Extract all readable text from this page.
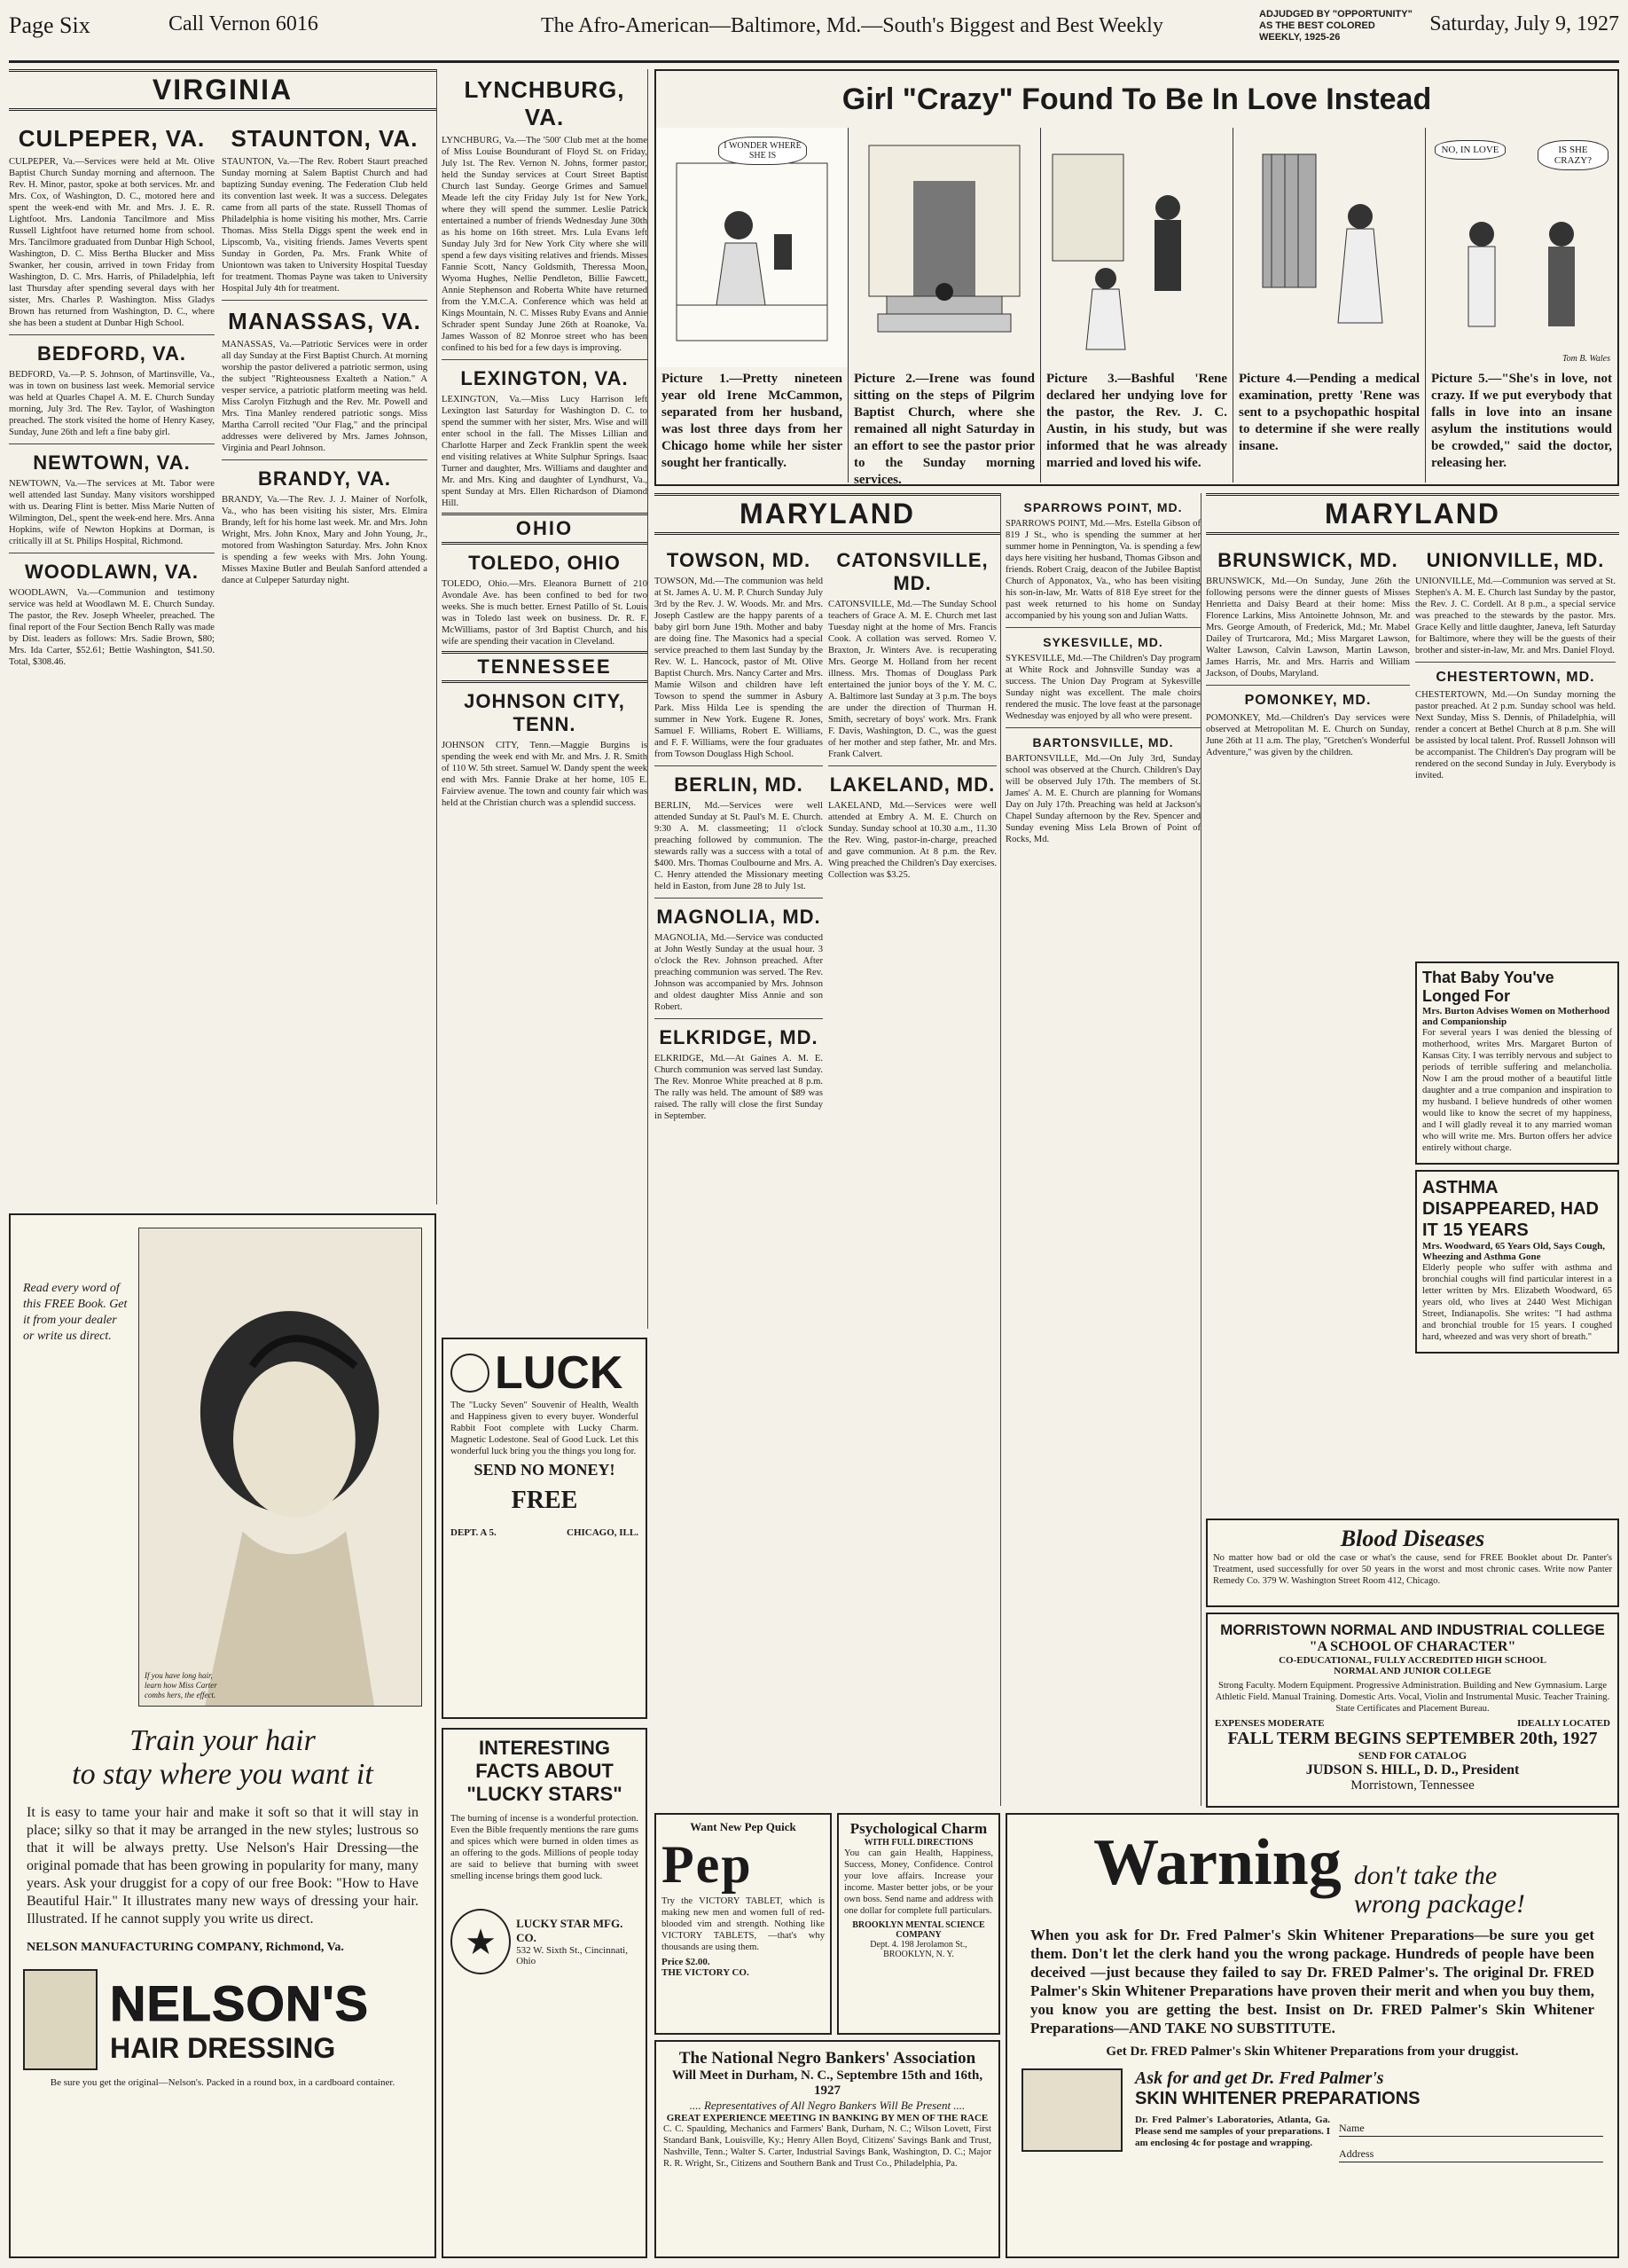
Page Six	Call Vernon 6016	The Afro-American—Baltimore, Md.—South's Biggest and Best Weekly	ADJUDGED BY "OPPORTUNITY" AS THE BEST COLORED WEEKLY, 1925-26
Saturday, July 9, 1927
VIRGINIA
CULPEPER, VA.

CULPEPER, Va.—Services were held at Mt. Olive Baptist Church Sunday morning and afternoon. The Rev. H. Minor, pastor, spoke at both services. Mr. and Mrs. Cox, of Washington, D. C., motored here and spent the week-end with Mr. and Mrs. J. E. R. Lightfoot. Mrs. Landonia Tancilmore and Miss Russell Lightfoot have returned home from school. Mrs. Tancilmore graduated from Dunbar High School, Washington, D. C. Miss Bertha Blucker and Miss Swanker, her cousin, arrived in town Friday from Washington, D. C. Mrs. Harris, of Philadelphia, left last Thursday after spending several days with her sister, Mrs. Charles P. Washington. Miss Gladys Brown has returned from Washington, D. C., where she has been a student at Dunbar High School.

BEDFORD, VA.

BEDFORD, Va.—P. S. Johnson, of Martinsville, Va., was in town on business last week. Memorial service was held at Quarles Chapel A. M. E. Church Sunday morning, July 3rd. The Rev. Taylor, of Washington preached. The stork visited the home of Henry Kasey, Sunday, June 26th and left a fine baby girl.

NEWTOWN, VA.

NEWTOWN, Va.—The services at Mt. Tabor were well attended last Sunday. Many visitors worshipped with us. Dearing Flint is better. Miss Marie Nutten of Wilmington, Del., spent the week-end here. Mrs. Anna Hopkins, wife of Newton Hopkins at Dorman, is critically ill at St. Philips Hospital, Richmond.

WOODLAWN, VA.

WOODLAWN, Va.—Communion and testimony service was held at Woodlawn M. E. Church Sunday. The pastor, the Rev. Joseph Wheeler, preached. The final report of the Four Section Bench Rally was made by Dist. leaders as follows: Mrs. Sadie Brown, $80; Mrs. Ida Carter, $52.61; Bettie Washington, $41.50. Total, $308.46.

STAUNTON, VA.

STAUNTON, Va.—The Rev. Robert Staurt preached Sunday morning at Salem Baptist Church and had baptizing Sunday evening. The Federation Club held its convention last week. It was a success. Delegates came from all parts of the state. Russell Thomas of Philadelphia is home visiting his mother, Mrs. Carrie Thomas. Miss Stella Diggs spent the week end in Lipscomb, Va., visiting friends. James Veverts spent Sunday in Gorden, Pa. Mrs. Frank White of Uniontown was taken to University Hospital Tuesday for treatment. Thomas Payne was taken to University Hospital July 4th for treatment.

MANASSAS, VA.

MANASSAS, Va.—Patriotic Services were in order all day Sunday at the First Baptist Church. At morning worship the pastor delivered a patriotic sermon, using the subject "Righteousness Exalteth a Nation." A vesper service, a patriotic platform meeting was held. Miss Carolyn Fitzhugh and the Rev. Mr. Powell and Mrs. Tina Manley rendered patriotic songs. Miss Martha Carroll recited "Our Flag," and the principal addresses were delivered by Mrs. James Johnson, Virginia and Pearl Johnson.

BRANDY, VA.

BRANDY, Va.—The Rev. J. J. Mainer of Norfolk, Va., who has been visiting his sister, Mrs. Elmira Brandy, left for his home last week. Mr. and Mrs. John Wright, Mrs. John Knox, Mary and John Young, Jr., motored from Washington Saturday. Mrs. John Knox is spending a few weeks with Mrs. John Young. Misses Maxine Butler and Beulah Sanford attended a dance at Culpeper Saturday night.

Read every word of this FREE Book. Get it from your dealer or write us direct.
If you have long hair, learn how Miss Carter combs hers, the effect.
Train your hair
to stay where you want it

It is easy to tame your hair and make it soft so that it will stay in place; silky so that it may be arranged in the new styles; lustrous so that it will be always pretty. Use Nelson's Hair Dressing—the original pomade that has been growing in popularity for many, many years. Ask your druggist for a copy of our free Book: "How to Have Beautiful Hair." It illustrates many new ways of dressing your hair. Illustrated. If he cannot supply you write us direct.

NELSON MANUFACTURING COMPANY, Richmond, Va.
NELSON'S
HAIR DRESSING
Be sure you get the original—Nelson's. Packed in a round box, in a cardboard container.
LYNCHBURG, VA.

LYNCHBURG, Va.—The '500' Club met at the home of Miss Louise Boundurant of Floyd St. on Friday, July 1st. The Rev. Vernon N. Johns, former pastor, held the Sunday services at Court Street Baptist Church last Sunday. George Grimes and Samuel Meade left the city Friday July 1st for New York, where they will spend the summer. Leslie Patrick entertained a number of friends Wednesday June 30th as his home on 16th street. Mrs. Lula Evans left Sunday July 3rd for New York City where she will spend a few days visiting relatives and friends. Misses Fannie Scott, Nancy Goldsmith, Theressa Moon, Wyoma Hughes, Nellie Pendleton, Billie Fawcett, Annie Stephenson and Roberta White have returned from the Y.M.C.A. Conference which was held at Kings Mountain, N. C. Misses Ruby Evans and Annie Schrader spent Sunday June 26th at Roanoke, Va. James Wasson of 82 Monroe street who has been confined to his bed for a few days is improving.

LEXINGTON, VA.

LEXINGTON, Va.—Miss Lucy Harrison left Lexington last Saturday for Washington D. C. to spend the summer with her sister, Mrs. Wise and will enter school in the fall. The Misses Lillian and Charlotte Harper and Zeck Franklin spent the week end visiting relatives at White Sulphur Springs. Isaac Turner and daughter, Mrs. Williams and daughter and Mr. and Mrs. King and daughter of Lyndhurst, Va., spent Sunday at Mrs. Ellen Richardson of Diamond Hill.

OHIO
TOLEDO, OHIO

TOLEDO, Ohio.—Mrs. Eleanora Burnett of 210 Avondale Ave. has been confined to bed for two weeks. She is much better. Ernest Patillo of St. Louis was in Toledo last week on business. Dr. R. F. McWilliams, pastor of 3rd Baptist Church, and his wife are spending their vacation in Cleveland.

TENNESSEE
JOHNSON CITY, TENN.

JOHNSON CITY, Tenn.—Maggie Burgins is spending the week end with Mr. and Mrs. J. R. Smith of 110 W. 5th street. Samuel W. Dandy spent the week end with Mrs. Fannie Drake at her home, 105 E. Fairview avenue. The town and county fair which was held at the Christian church was a splendid success.

LUCK

The "Lucky Seven" Souvenir of Health, Wealth and Happiness given to every buyer. Wonderful Rabbit Foot complete with Lucky Charm. Magnetic Lodestone. Seal of Good Luck. Let this wonderful luck bring you the things you long for.

SEND NO MONEY!
FREE
DEPT. A 5.	CHICAGO, ILL.
INTERESTING FACTS ABOUT "LUCKY STARS"

The burning of incense is a wonderful protection. Even the Bible frequently mentions the rare gums and spices which were burned in olden times as an offering to the gods. Millions of people today are said to believe that burning with sweet smelling incense brings them good luck.

★	LUCKY STAR MFG. CO.
532 W. Sixth St., Cincinnati, Ohio
Girl "Crazy" Found To Be In Love Instead
I WONDER WHERE SHE IS
Picture 1.—Pretty nineteen year old Irene McCammon, separated from her husband, was lost three days from her Chicago home while her sister sought her frantically.
Picture 2.—Irene was found sitting on the steps of Pilgrim Baptist Church, where she remained all night Saturday in an effort to see the pastor prior to the Sunday morning services.
Picture 3.—Bashful 'Rene declared her undying love for the pastor, the Rev. J. C. Austin, in his study, but was informed that he was already married and loved his wife.
Picture 4.—Pending a medical examination, pretty 'Rene was sent to a psychopathic hospital to determine if she were really insane.
NO, IN LOVE	IS SHE CRAZY?
Tom B. Wales
Picture 5.—"She's in love, not crazy. If we put everybody that falls in love into an insane asylum the institutions would be crowded," said the doctor, releasing her.
MARYLAND
TOWSON, MD.

TOWSON, Md.—The communion was held at St. James A. U. M. P. Church Sunday July 3rd by the Rev. J. W. Woods. Mr. and Mrs. Joseph Castlew are the happy parents of a baby girl born June 19th. Mother and baby are doing fine. The Masonics had a special service preached to them last Sunday by the Rev. W. L. Hancock, pastor of Mt. Olive Baptist Church. Mrs. Nancy Carter and Mrs. Mamie Wilson and children have left Towson to spend the summer in Asbury Park. Miss Hilda Lee is spending the summer in New York. Eugene R. Jones, Samuel F. Williams, Robert E. Williams, and F. F. Williams, were the four graduates from Towson Douglass High School.

BERLIN, MD.

BERLIN, Md.—Services were well attended Sunday at St. Paul's M. E. Church. 9:30 A. M. classmeeting; 11 o'clock preaching followed by communion. The stewards rally was a success with a total of $400. Mrs. Thomas Coulbourne and Mrs. A. C. Henry attended the Missionary meeting held in Easton, from June 28 to July 1st.

MAGNOLIA, MD.

MAGNOLIA, Md.—Service was conducted at John Westly Sunday at the usual hour. 3 o'clock the Rev. Johnson preached. After preaching communion was served. The Rev. Johnson was accompanied by Mrs. Johnson and oldest daughter Miss Annie and son Robert.

ELKRIDGE, MD.

ELKRIDGE, Md.—At Gaines A. M. E. Church communion was served last Sunday. The Rev. Monroe White preached at 8 p.m. The rally was held. The amount of $89 was raised. The rally will close the first Sunday in September.

CATONSVILLE, MD.

CATONSVILLE, Md.—The Sunday School teachers of Grace A. M. E. Church met last Tuesday night at the home of Mrs. Francis Cook. A collation was served. Romeo V. Braxton, Jr. Winters Ave. is recuperating Mrs. George M. Holland from her recent illness. Mrs. Thomas of Douglass Park entertained the junior boys of the Y. M. C. A. Baltimore last Sunday at 3 p.m. The boys are under the direction of Thurman H. Smith, secretary of boys' work. Mrs. Frank F. Davis, Washington, D. C., was the guest of her mother and step father, Mr. and Mrs. Frank Calvert.

LAKELAND, MD.

LAKELAND, Md.—Services were well attended at Embry A. M. E. Church on Sunday. Sunday school at 10.30 a.m., 11.30 the Rev. Wing, pastor-in-charge, preached and gave communion. At 8 p.m. the Rev. Wing preached the Children's Day exercises. Collection was $3.25.

SPARROWS POINT, MD.

SPARROWS POINT, Md.—Mrs. Estella Gibson of 819 J St., who is spending the summer at her summer home in Pennington, Va. is spending a few days here visiting her husband, Thomas Gibson and friends. Robert Craig, deacon of the Jubilee Baptist Church of Apponatox, Va., who has been visiting his son-in-law, Mr. Watts of 818 Eye street for the past week returned to his home on Sunday accompanied by his young son and Julian Watts.

SYKESVILLE, MD.

SYKESVILLE, Md.—The Children's Day program at White Rock and Johnsville Sunday was a success. The Union Day Program at Sykesville Sunday night was excellent. The male choirs rendered the music. The love feast at the parsonage Wednesday was enjoyed by all who were present.

BARTONSVILLE, MD.

BARTONSVILLE, Md.—On July 3rd, Sunday school was observed at the Church. Children's Day will be observed July 17th. The members of St. James' A. M. E. Church are planning for Womans Day on July 17th. Preaching was held at Jackson's Chapel Sunday afternoon by the Rev. Spencer and Sunday evening Miss Lela Brown of Point of Rocks, Md.

MARYLAND
BRUNSWICK, MD.

BRUNSWICK, Md.—On Sunday, June 26th the following persons were the dinner guests of Misses Henrietta and Daisy Beard at their home: Miss Florence Larkins, Miss Antoinette Johnson, Mr. and Mrs. George Amouth, of Frederick, Md.; Mr. Mabel Dailey of Trurtcarora, Md.; Miss Margaret Lawson, Walter Lawson, Calvin Lawson, Martin Lawson, James Harris, Mr. and Mrs. Harris and William Jackson, of Doubs, Maryland.

POMONKEY, MD.

POMONKEY, Md.—Children's Day services were observed at Metropolitan M. E. Church on Sunday, June 26th at 11 a.m. The play, "Gretchen's Wonderful Adventure," was given by the children.

UNIONVILLE, MD.

UNIONVILLE, Md.—Communion was served at St. Stephen's A. M. E. Church last Sunday by the pastor, the Rev. J. C. Cordell. At 8 p.m., a special service was preached to the stewards by the pastor. Mrs. Grace Kelly and little daughter, Janeva, left Saturday for Baltimore, where they will be the guests of their brother and sister-in-law, Mr. and Mrs. Daniel Floyd.

CHESTERTOWN, MD.

CHESTERTOWN, Md.—On Sunday morning the pastor preached. At 2 p.m. Sunday school was held. Next Sunday, Miss S. Dennis, of Philadelphia, will render a concert at Bethel Church at 8 p.m. She will be assisted by local talent. Prof. Russell Johnson will be accompanist. The Children's Day program will be rendered on the second Sunday in July. Everybody is invited.

That Baby You've Longed For
Mrs. Burton Advises Women on Motherhood and Companionship

For several years I was denied the blessing of motherhood, writes Mrs. Margaret Burton of Kansas City. I was terribly nervous and subject to periods of terrible suffering and melancholia. Now I am the proud mother of a beautiful little daughter and a true companion and inspiration to my husband. I believe hundreds of other women would like to know the secret of my happiness, and I will gladly reveal it to any married woman who will write me. Mrs. Burton offers her advice entirely without charge.

ASTHMA DISAPPEARED, HAD IT 15 YEARS
Mrs. Woodward, 65 Years Old, Says Cough, Wheezing and Asthma Gone

Elderly people who suffer with asthma and bronchial coughs will find particular interest in a letter written by Mrs. Elizabeth Woodward, 65 years old, who lives at 2440 West Michigan Street, Indianapolis. She writes: "I had asthma and bronchial trouble for 15 years. I coughed hard, wheezed and was very short of breath."

Blood Diseases

No matter how bad or old the case or what's the cause, send for FREE Booklet about Dr. Panter's Treatment, used successfully for over 50 years in the worst and most chronic cases. Write now Panter Remedy Co. 379 W. Washington Street Room 412, Chicago.

MORRISTOWN NORMAL AND INDUSTRIAL COLLEGE
"A SCHOOL OF CHARACTER"
CO-EDUCATIONAL, FULLY ACCREDITED HIGH SCHOOL
NORMAL AND JUNIOR COLLEGE

Strong Faculty. Modern Equipment. Progressive Administration. Building and New Gymnasium. Large Athletic Field. Manual Training. Domestic Arts. Vocal, Violin and Instrumental Music. Teacher Training. State Certificates and Placement Bureau.

EXPENSES MODERATE	IDEALLY LOCATED
FALL TERM BEGINS SEPTEMBER 20th, 1927
SEND FOR CATALOG
JUDSON S. HILL, D. D., President
Morristown, Tennessee
Want New Pep Quick
Pep

Try the VICTORY TABLET, which is making new men and women full of red-blooded vim and strength. Nothing like VICTORY TABLETS, —that's why thousands are using them.

Price $2.00.
THE VICTORY CO.
Psychological Charm
WITH FULL DIRECTIONS

You can gain Health, Happiness, Success, Money, Confidence. Control your love affairs. Increase your income. Master better jobs, or be your own boss. Send name and address with one dollar for complete full particulars.

BROOKLYN MENTAL SCIENCE COMPANY
Dept. 4. 198 Jerolamon St., BROOKLYN, N. Y.
The National Negro Bankers' Association
Will Meet in Durham, N. C., Septembre 15th and 16th, 1927
.... Representatives of All Negro Bankers Will Be Present ....
GREAT EXPERIENCE MEETING IN BANKING BY MEN OF THE RACE

C. C. Spaulding, Mechanics and Farmers' Bank, Durham, N. C.; Wilson Lovett, First Standard Bank, Louisville, Ky.; Henry Allen Boyd, Citizens' Savings Bank and Trust, Nashville, Tenn.; Walter S. Carter, Industrial Savings Bank, Washington, D. C.; Major R. R. Wright, Sr., Citizens and Southern Bank and Trust Co., Philadelphia, Pa.

Warning don't take the wrong package!

When you ask for Dr. Fred Palmer's Skin Whitener Preparations—be sure you get them. Don't let the clerk hand you the wrong package. Hundreds of people have been deceived —just because they failed to say Dr. FRED Palmer's. The original Dr. FRED Palmer's Skin Whitener Preparations have proven their merit and when you buy them, you know you are getting the best. Insist on Dr. FRED Palmer's Skin Whitener Preparations—AND TAKE NO SUBSTITUTE.

Get Dr. FRED Palmer's Skin Whitener Preparations from your druggist.
Ask for and get Dr. Fred Palmer's
SKIN WHITENER PREPARATIONS

Dr. Fred Palmer's Laboratories, Atlanta, Ga. Please send me samples of your preparations. I am enclosing 4c for postage and wrapping.

Name
Address
